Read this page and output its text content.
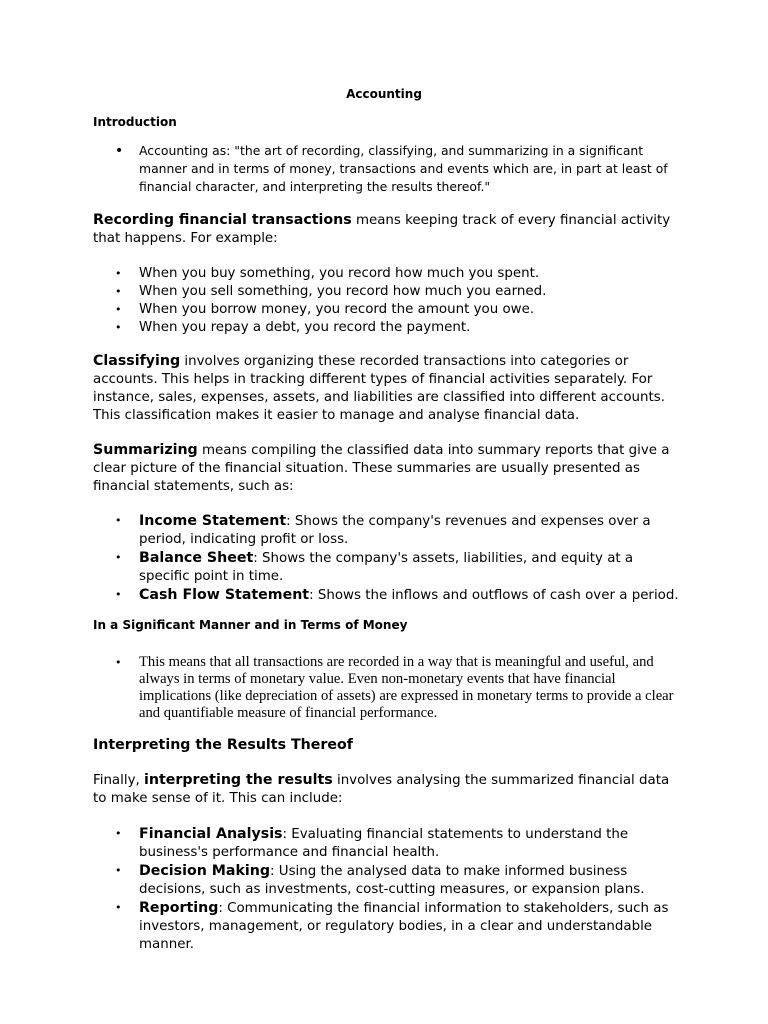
Accounting
Introduction
• Accounting as: "the art of recording, classifying, and summarizing in a significant manner and in terms of money, transactions and events which are, in part at least of financial character, and interpreting the results thereof."

Recording financial transactions means keeping track of every financial activity that happens. For example:

• When you buy something, you record how much you spent.
• When you sell something, you record how much you earned.
• When you borrow money, you record the amount you owe.
• When you repay a debt, you record the payment.

Classifying involves organizing these recorded transactions into categories or accounts. This helps in tracking different types of financial activities separately. For instance, sales, expenses, assets, and liabilities are classified into different accounts. This classification makes it easier to manage and analyse financial data.

Summarizing means compiling the classified data into summary reports that give a clear picture of the financial situation. These summaries are usually presented as financial statements, such as:

• Income Statement: Shows the company's revenues and expenses over a period, indicating profit or loss.
• Balance Sheet: Shows the company's assets, liabilities, and equity at a specific point in time.
• Cash Flow Statement: Shows the inflows and outflows of cash over a period.
In a Significant Manner and in Terms of Money
• This means that all transactions are recorded in a way that is meaningful and useful, and always in terms of monetary value. Even non-monetary events that have financial implications (like depreciation of assets) are expressed in monetary terms to provide a clear and quantifiable measure of financial performance.
Interpreting the Results Thereof

Finally, interpreting the results involves analysing the summarized financial data to make sense of it. This can include:

• Financial Analysis: Evaluating financial statements to understand the business's performance and financial health.
• Decision Making: Using the analysed data to make informed business decisions, such as investments, cost-cutting measures, or expansion plans.
• Reporting: Communicating the financial information to stakeholders, such as investors, management, or regulatory bodies, in a clear and understandable manner.
